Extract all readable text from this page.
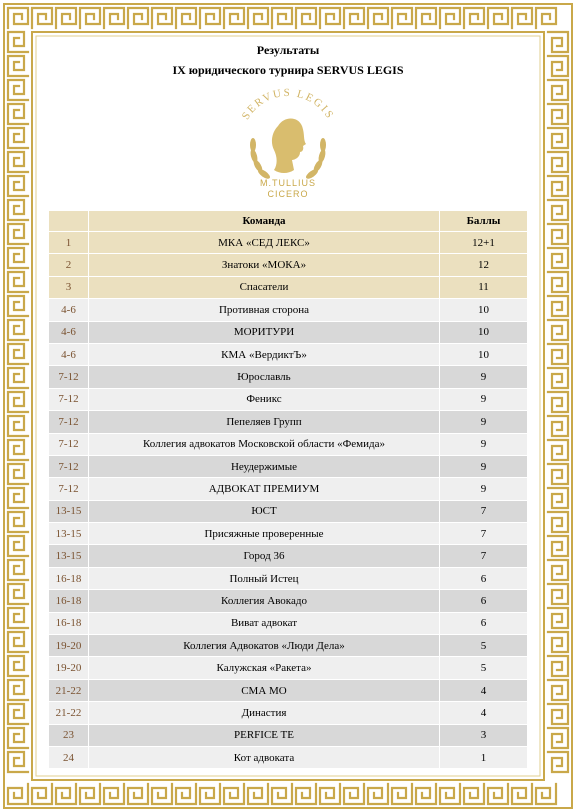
Результаты
IX юридического турнира SERVUS LEGIS
SERVUS LEGIS
M.TULLIUS
CICERO
	Команда	Баллы
1	МКА «СЕД ЛЕКС»	12+1
2	Знатоки «МОКА»	12
3	Спасатели	11
4-6	Противная сторона	10
4-6	МОРИТУРИ	10
4-6	КМА «ВердиктЪ»	10
7-12	Юрославль	9
7-12	Феникс	9
7-12	Пепеляев Групп	9
7-12	Коллегия адвокатов Московской области «Фемида»	9
7-12	Неудержимые	9
7-12	АДВОКАТ ПРЕМИУМ	9
13-15	ЮСТ	7
13-15	Присяжные проверенные	7
13-15	Город 36	7
16-18	Полный Истец	6
16-18	Коллегия Авокадо	6
16-18	Виват адвокат	6
19-20	Коллегия Адвокатов «Люди Дела»	5
19-20	Калужская «Ракета»	5
21-22	СМА МО	4
21-22	Династия	4
23	PERFICE TE	3
24	Кот адвоката	1
